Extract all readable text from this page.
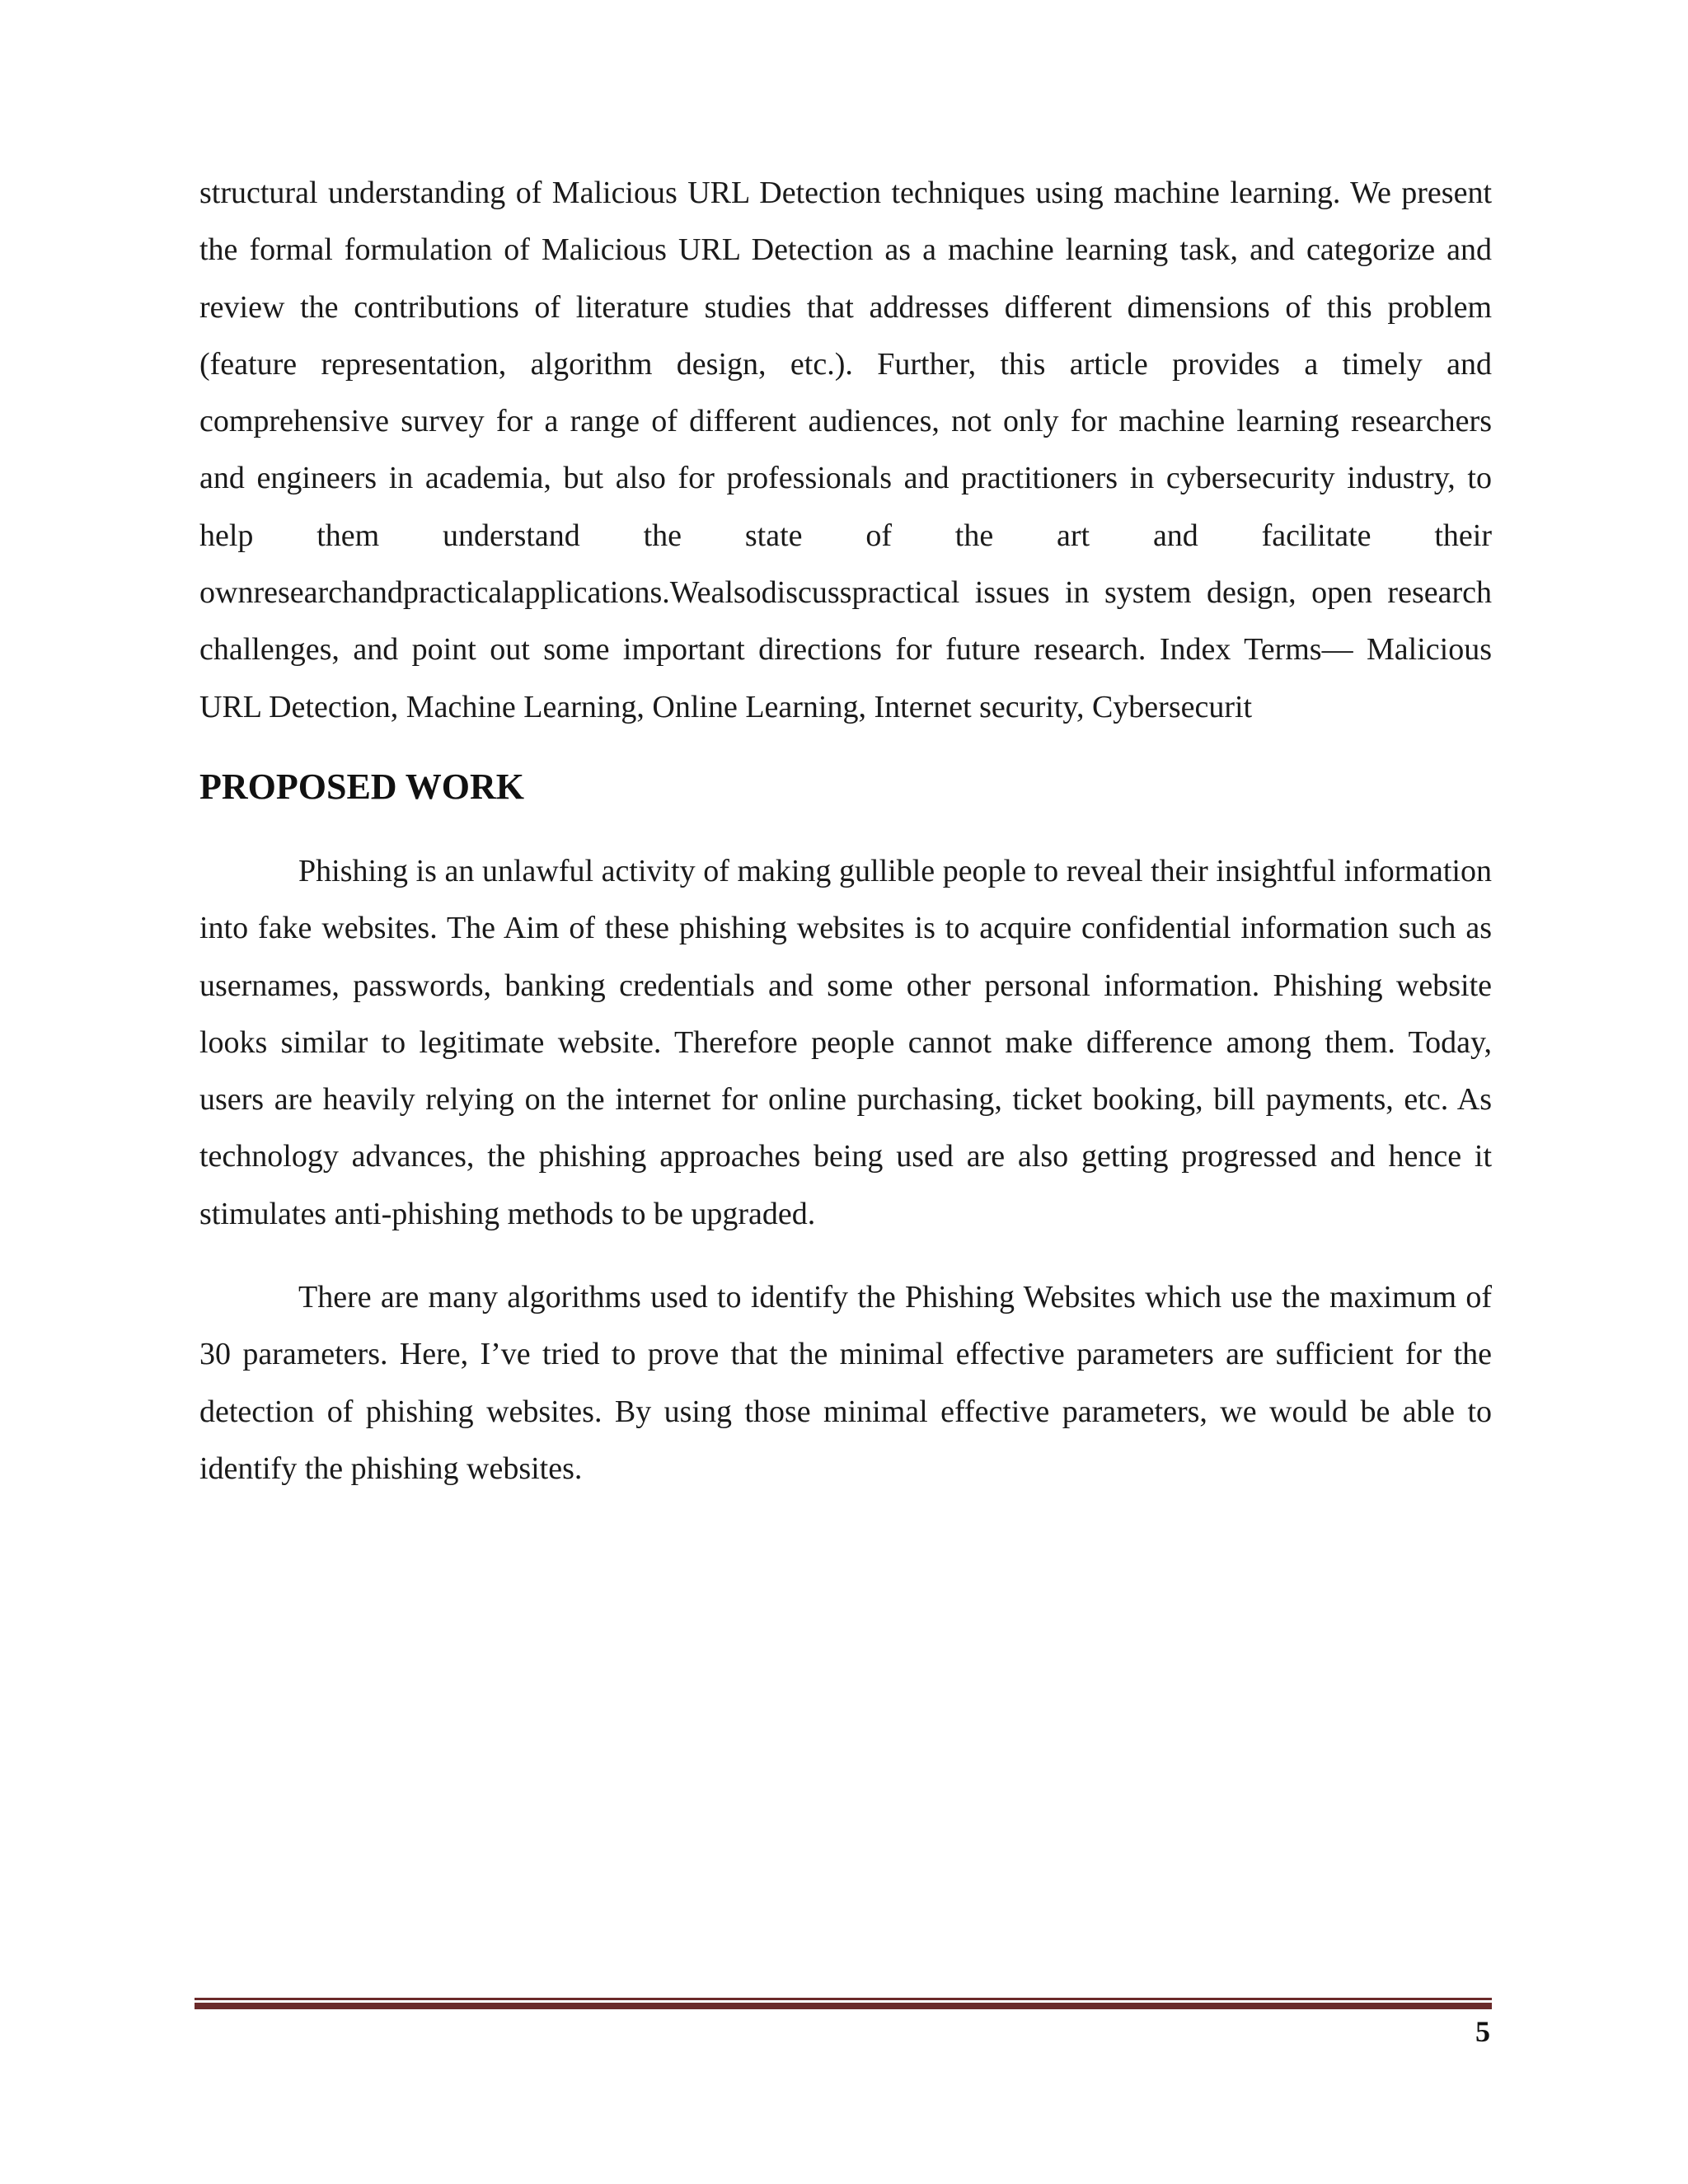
structural understanding of Malicious URL Detection techniques using machine learning. We present the formal formulation of Malicious URL Detection as a machine learning task, and categorize and review the contributions of literature studies that addresses different dimensions of this problem (feature representation, algorithm design, etc.). Further, this article provides a timely and comprehensive survey for a range of different audiences, not only for machine learning researchers and engineers in academia, but also for professionals and practitioners in cybersecurity industry, to help them understand the state of the art and facilitate their ownresearchandpracticalapplications.Wealsodiscusspractical issues in system design, open research challenges, and point out some important directions for future research. Index Terms— Malicious URL Detection, Machine Learning, Online Learning, Internet security, Cybersecurit

PROPOSED WORK

Phishing is an unlawful activity of making gullible people to reveal their insightful information into fake websites. The Aim of these phishing websites is to acquire confidential information such as usernames, passwords, banking credentials and some other personal information. Phishing website looks similar to legitimate website. Therefore people cannot make difference among them. Today, users are heavily relying on the internet for online purchasing, ticket booking, bill payments, etc. As technology advances, the phishing approaches being used are also getting progressed and hence it stimulates anti-phishing methods to be upgraded.

There are many algorithms used to identify the Phishing Websites which use the maximum of 30 parameters. Here, I’ve tried to prove that the minimal effective parameters are sufficient for the detection of phishing websites. By using those minimal effective parameters, we would be able to identify the phishing websites.

5
